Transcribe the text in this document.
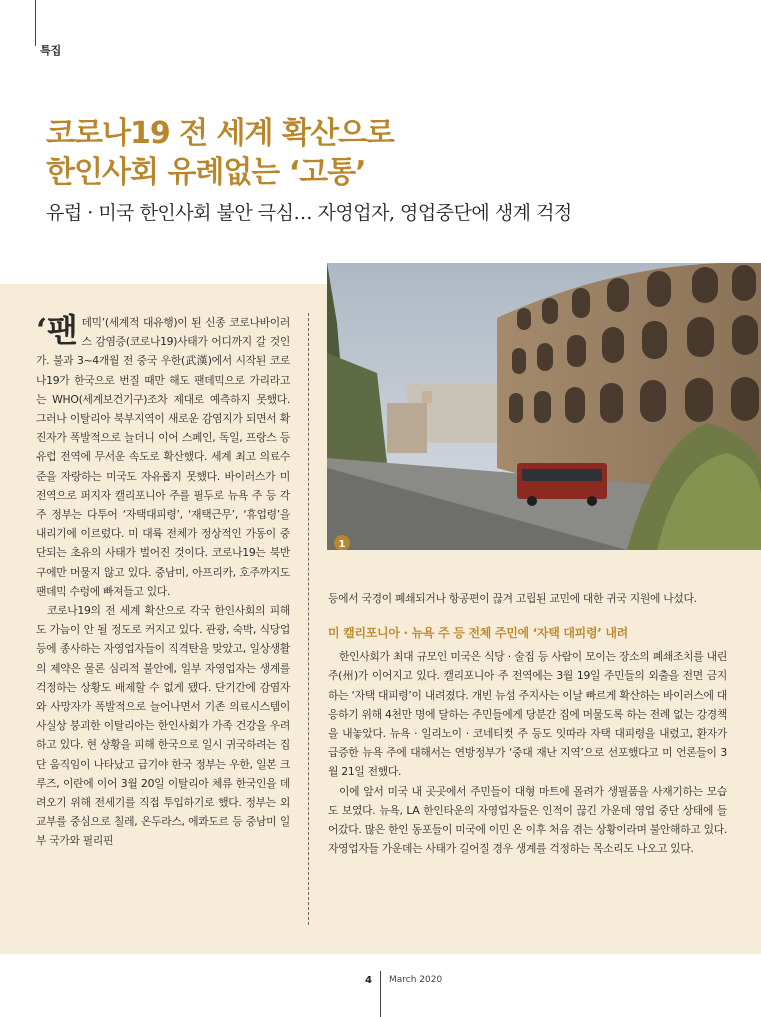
특집
코로나19 전 세계 확산으로
한인사회 유례없는 ‘고통’
유럽 · 미국 한인사회 불안 극심… 자영업자, 영업중단에 생계 걱정

‘팬데믹’(세계적 대유행)이 된 신종 코로나바이러스 감염증(코로나19)사태가 어디까지 갈 것인가. 불과 3~4개월 전 중국 우한(武漢)에서 시작된 코로나19가 한국으로 번질 때만 해도 팬데믹으로 가리라고는 WHO(세계보건기구)조차 제대로 예측하지 못했다. 그러나 이탈리아 북부지역이 새로운 감염지가 되면서 확진자가 폭발적으로 늘더니 이어 스페인, 독일, 프랑스 등 유럽 전역에 무서운 속도로 확산했다. 세계 최고 의료수준을 자랑하는 미국도 자유롭지 못했다. 바이러스가 미 전역으로 퍼지자 캘리포니아 주를 필두로 뉴욕 주 등 각 주 정부는 다투어 ‘자택대피령’, ‘재택근무’, ‘휴업령’을 내리기에 이르렀다. 미 대륙 전체가 정상적인 가동이 중단되는 초유의 사태가 벌어진 것이다. 코로나19는 북반구에만 머물지 않고 있다. 중남미, 아프리카, 호주까지도 팬데믹 수렁에 빠져들고 있다.

코로나19의 전 세계 확산으로 각국 한인사회의 피해도 가늠이 안 될 정도로 커지고 있다. 관광, 숙박, 식당업 등에 종사하는 자영업자들이 직격탄을 맞았고, 일상생활의 제약은 물론 심리적 불안에, 일부 자영업자는 생계를 걱정하는 상황도 배제할 수 없게 됐다. 단기간에 감염자와 사망자가 폭발적으로 늘어나면서 기존 의료시스템이 사실상 붕괴한 이탈리아는 한인사회가 가족 건강을 우려하고 있다. 현 상황을 피해 한국으로 일시 귀국하려는 집단 움직임이 나타났고 급기야 한국 정부는 우한, 일본 크루즈, 이란에 이어 3월 20일 이탈리아 체류 한국인을 데려오기 위해 전세기를 직접 투입하기로 했다. 정부는 외교부를 중심으로 칠레, 온두라스, 에콰도르 등 중남미 일부 국가와 필리핀

1

등에서 국경이 폐쇄되거나 항공편이 끊겨 고립된 교민에 대한 귀국 지원에 나섰다.

미 캘리포니아 · 뉴욕 주 등 전체 주민에 ‘자택 대피령’ 내려

한인사회가 최대 규모인 미국은 식당 · 술집 등 사람이 모이는 장소의 폐쇄조치를 내린 주(州)가 이어지고 있다. 캘리포니아 주 전역에는 3월 19일 주민들의 외출을 전면 금지하는 ‘자택 대피령’이 내려졌다. 개빈 뉴섬 주지사는 이날 빠르게 확산하는 바이러스에 대응하기 위해 4천만 명에 달하는 주민들에게 당분간 집에 머물도록 하는 전례 없는 강경책을 내놓았다. 뉴욕 · 일리노이 · 코네티컷 주 등도 잇따라 자택 대피령을 내렸고, 환자가 급증한 뉴욕 주에 대해서는 연방정부가 ‘중대 재난 지역’으로 선포했다고 미 언론들이 3월 21일 전했다.

이에 앞서 미국 내 곳곳에서 주민들이 대형 마트에 몰려가 생필품을 사재기하는 모습도 보였다. 뉴욕, LA 한인타운의 자영업자들은 인적이 끊긴 가운데 영업 중단 상태에 들어갔다. 많은 한인 동포들이 미국에 이민 온 이후 처음 겪는 상황이라며 불안해하고 있다. 자영업자들 가운데는 사태가 길어질 경우 생계를 걱정하는 목소리도 나오고 있다.

4 March 2020
